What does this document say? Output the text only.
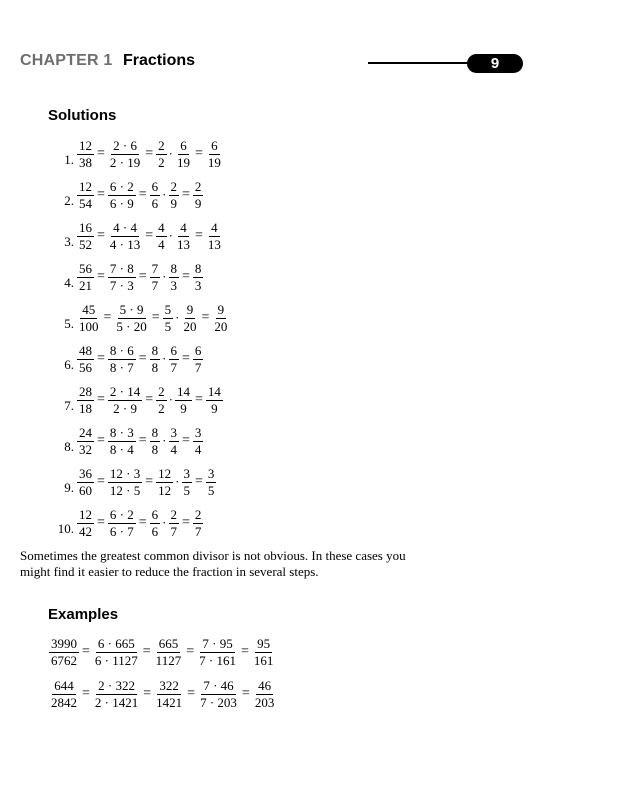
CHAPTER 1 Fractions	9
Solutions
1. $\frac{12}{38} = \frac{2 \cdot 6}{2 \cdot 19} = \frac{2}{2} \cdot \frac{6}{19} = \frac{6}{19}$
2. $\frac{12}{54} = \frac{6 \cdot 2}{6 \cdot 9} = \frac{6}{6} \cdot \frac{2}{9} = \frac{2}{9}$
3. $\frac{16}{52} = \frac{4 \cdot 4}{4 \cdot 13} = \frac{4}{4} \cdot \frac{4}{13} = \frac{4}{13}$
4. $\frac{56}{21} = \frac{7 \cdot 8}{7 \cdot 3} = \frac{7}{7} \cdot \frac{8}{3} = \frac{8}{3}$
5. $\frac{45}{100} = \frac{5 \cdot 9}{5 \cdot 20} = \frac{5}{5} \cdot \frac{9}{20} = \frac{9}{20}$
6. $\frac{48}{56} = \frac{8 \cdot 6}{8 \cdot 7} = \frac{8}{8} \cdot \frac{6}{7} = \frac{6}{7}$
7. $\frac{28}{18} = \frac{2 \cdot 14}{2 \cdot 9} = \frac{2}{2} \cdot \frac{14}{9} = \frac{14}{9}$
8. $\frac{24}{32} = \frac{8 \cdot 3}{8 \cdot 4} = \frac{8}{8} \cdot \frac{3}{4} = \frac{3}{4}$
9. $\frac{36}{60} = \frac{12 \cdot 3}{12 \cdot 5} = \frac{12}{12} \cdot \frac{3}{5} = \frac{3}{5}$
10. $\frac{12}{42} = \frac{6 \cdot 2}{6 \cdot 7} = \frac{6}{6} \cdot \frac{2}{7} = \frac{2}{7}$

Sometimes the greatest common divisor is not obvious. In these cases you
might find it easier to reduce the fraction in several steps.

Examples
$\frac{3990}{6762} = \frac{6 \cdot 665}{6 \cdot 1127} = \frac{665}{1127} = \frac{7 \cdot 95}{7 \cdot 161} = \frac{95}{161}$
$\frac{644}{2842} = \frac{2 \cdot 322}{2 \cdot 1421} = \frac{322}{1421} = \frac{7 \cdot 46}{7 \cdot 203} = \frac{46}{203}$
